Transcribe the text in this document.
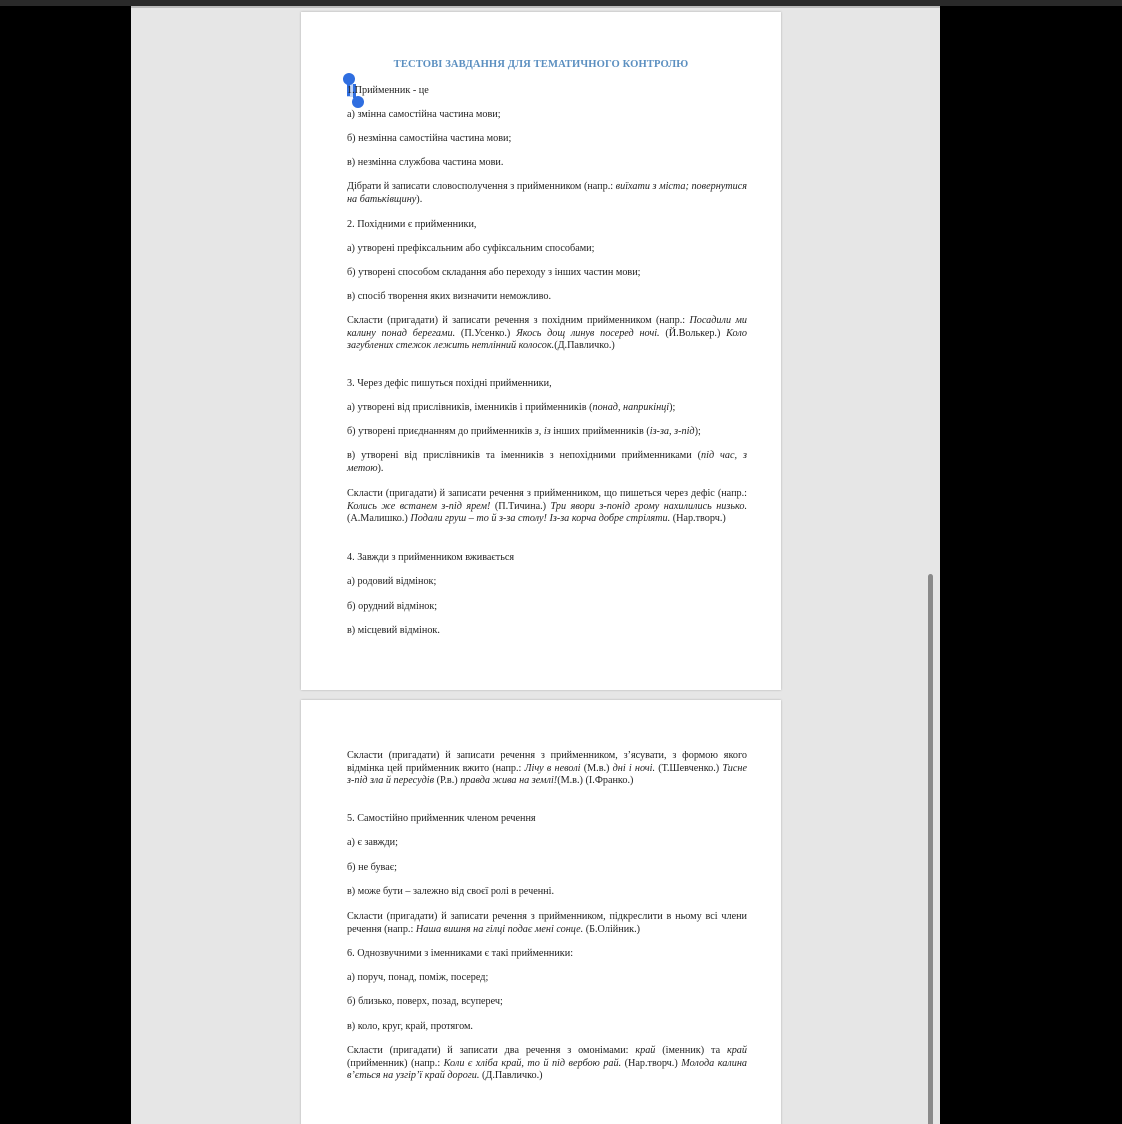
ТЕСТОВІ ЗАВДАННЯ ДЛЯ ТЕМАТИЧНОГО КОНТРОЛЮ

1.Прийменник - це

а) змінна самостійна частина мови;
б) незмінна самостійна частина мови;
в) незмінна службова частина мови.
Дібрати й записати словосполучення з прийменником (напр.: виїхати з міста; повернутися на батьківщину).
2. Похідними є прийменники,
а) утворені префіксальним або суфіксальним способами;
б) утворені способом складання або переходу з інших частин мови;
в) спосіб творення яких визначити неможливо.
Скласти (пригадати) й записати речення з похідним прийменником (напр.: Посадили ми калину понад берегами. (П.Усенко.) Якось дощ линув посеред ночі. (Й.Волькер.) Коло загублених стежок лежить нетлінний колосок.(Д.Павличко.)
3. Через дефіс пишуться похідні прийменники,
а) утворені від прислівників, іменників і прийменників (понад, наприкінці);
б) утворені приєднанням до прийменників з, із інших прийменників (із-за, з-під);
в) утворені від прислівників та іменників з непохідними прийменниками (під час, з метою).
Скласти (пригадати) й записати речення з прийменником, що пишеться через дефіс (напр.: Колись же встанем з-під ярем! (П.Тичина.) Три явори з-понід грому нахилились низько. (А.Малишко.) Подали груш – то й з-за столу! Із-за корча добре стріляти. (Нар.творч.)
4. Завжди з прийменником вживається
а) родовий відмінок;
б) орудний відмінок;
в) місцевий відмінок.
Скласти (пригадати) й записати речення з прийменником, з’ясувати, з формою якого відмінка цей прийменник вжито (напр.: Лічу в неволі (М.в.) дні і ночі. (Т.Шевченко.) Тисне з-під зла й пересудів (Р.в.) правда жива на землі!(М.в.) (І.Франко.)
5. Самостійно прийменник членом речення
а) є завжди;
б) не буває;
в) може бути – залежно від своєї ролі в реченні.
Скласти (пригадати) й записати речення з прийменником, підкреслити в ньому всі члени речення (напр.: Наша вишня на гілці подає мені сонце. (Б.Олійник.)
6. Однозвучними з іменниками є такі прийменники:
а) поруч, понад, поміж, посеред;
б) близько, поверх, позад, всупереч;
в) коло, круг, край, протягом.
Скласти (пригадати) й записати два речення з омонімами: край (іменник) та край (прийменник) (напр.: Коли є хліба край, то й під вербою рай. (Нар.творч.) Молода калина в’ється на узгір’ї край дороги. (Д.Павличко.)
